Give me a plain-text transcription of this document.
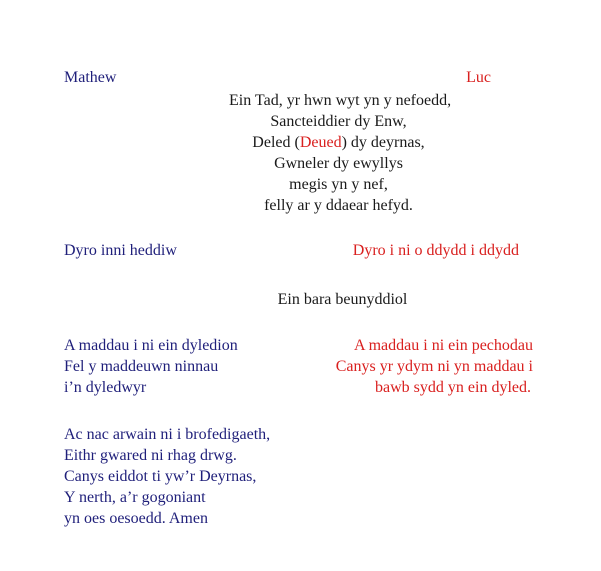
Mathew	Luc
Ein Tad, yr hwn wyt yn y nefoedd,
Sancteiddier dy Enw,
Deled (Deued) dy deyrnas,
Gwneler dy ewyllys
megis yn y nef,
felly ar y ddaear hefyd.
Dyro inni heddiw	Dyro i ni o ddydd i ddydd
Ein bara beunyddiol
A maddau i ni ein dyledion
Fel y maddeuwn ninnau
i’n dyledwyr
A maddau i ni ein pechodau
Canys yr ydym ni yn maddau i
bawb sydd yn ein dyled.
Ac nac arwain ni i brofedigaeth,
Eithr gwared ni rhag drwg.
Canys eiddot ti yw’r Deyrnas,
Y nerth, a’r gogoniant
yn oes oesoedd. Amen
